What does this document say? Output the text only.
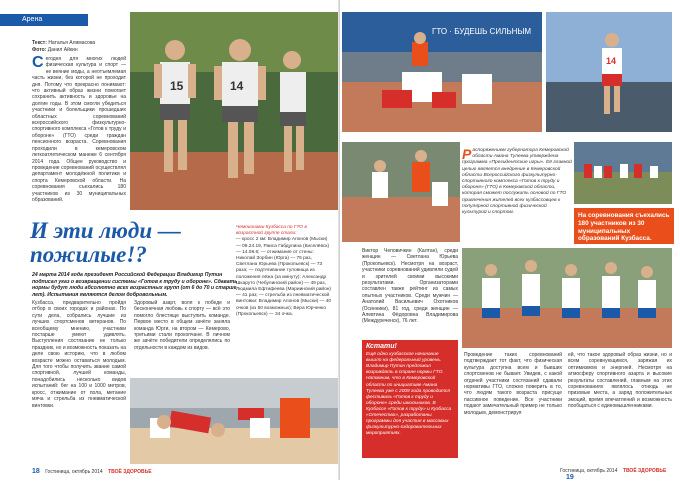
Арена
Текст: Наталья Алимасова
Фото: Данил Айкин
С егодня для многих людей физическая культура и спорт — не веяние моды, а неотъемлемая часть жизни, без которой не проходит дня. Потому что прекрасно понимают: что активный образ жизни помогает сохранить активность и здоровье на долгие годы. В этом смогли убедиться участники и болельщики прошедших областных соревнований всероссийского физкультурно-спортивного комплекса «Готов к труду и обороне» (ГТО) среди граждан пенсионного возраста. Соревнования проходили в кемеровском легкоатлетическом манеже 6 сентября 2014 года. Общее руководство и проведение соревнований осуществлял департамент молодёжной политики и спорта Кемеровской области. На соревнования съехались 180 участников из 30 муниципальных образований.
15	14
И эти люди — пожилые!?
24 марта 2014 года президент Российской Федерации Владимир Путин подписал указ о возвращении системы «Готов к труду и обороне». Сдавать нормы будут люди абсолютно всех возрастных групп (от 6 до 70 и старше лет). Испытания являются делом добровольным.
Кузбасса, предварительно пройдя отбор в своих городах и районах. По сути дела, собрались лучшие из лучших спортсменов ветеранов. По всеобщему мнению, участники постарше умеют удивлять. Выступления состязание не только праздник, но и возможность показать на деле свою историю, что в любом возрасте можно оставаться молодым. Для того чтобы получить звание самой спортивной, лучшей команды, понадобились несколько видов испытаний: бег на 100 и 1000 метров, кросс, отжимание от пола, метание мяча и стрельба из пневматической винтовки.
Здоровый азарт, воля к победе и бесконечная любовь к спорту — всё это помогло блестяще выступить команде. Первое место в общем зачёте заняла команда Юрги, на втором — Кемерово, третьими стали прокопчане. В личном же зачёте победители определялись по отдельности в каждом из видов.
Чемпионами Кузбасса по ГТО в возрастной группе стали:
— кросс 2 км: Владимир Апонов (Мыски) — 09.24.19, Раиса Габдулина (Киселёвск) — 14.08.6; — отжимание от стены: Николай Зорбин (Юрга) — 75 раз, Светлана Юрьева (Прокопьевск) — 73 раза; — подтягивание туловища из положения лёжа (за минуту): Александр Шкаруто (Чебулинский район) — 49 раз, Людмила Ефтифеева (Мариинский район) — 41 раз; — стрельба из пневматической винтовки: Владимир Апонов (Мыски) — 40 очков (из 50 возможных); Вера Юрченко (Прокопьевск) — 34 очка.
18 Гостиница, октябрь 2014 ТВОЁ ЗДОРОВЬЕ
ГТО · БУДЕШЬ СИЛЬНЫМ
14
Р аспоряжением губернатора Кемеровской области Амана Тулеева утверждена программа «Президентские игры». Её главной целью является внедрение в Кемеровской области Всероссийского физкультурно-спортивного комплекса «Готов к труду и обороне» (ГТО) в Кемеровской области, которая сможет послужить основой по ГТО привлечения жителей всех кузбассовцев к популярной спортивной физической культурой и спортом.	На соревнования съехались 180 участников из 30 муниципальных образований Кузбасса.
Виктор Чеповичкин (Калтан), среди женщин — Светлана Юрьева (Прокопьевск). Несмотря на возраст, участники соревнований удивляли судей и зрителей своими высокими результатами. Организаторами составлен также рейтинг из самых опытных участников. Среди мужчин — Анатолий Васильевич Охотников (Осинники), 81 год, среди женщин — Алевтина Фёдоровна Владимирова (Междуреченск), 76 лет.
Кстати!
Ещё одно кузбасское начинание вышло на федеральный уровень. Владимир Путин предложил возрождать в стране нормы ГТО. Напомним, что в Кемеровской области по инициативе Амана Тулеева уже с 2009 года проводится фестиваль «Готов к труду и обороне» среди школьников. В Кузбассе «Готов к труду» и Кузбасса «Отечество», разработаны программы для участия в массовых физкультурно-оздоровительных мероприятиях.
Проведение таких соревнований подтверждает тот факт, что физическая культура доступна всем и бывших спортсменов не бывает. Увидев, с какой отдачей участники состязаний сдавали нормативы ГТО, сложно поверить в то, что людям такого возраста присуще пассивное поведение. Все участники подают замечательный пример не только молодым, демонстрируя
ей, что такое здоровый образ жизни, но и всем соревнующимся, заряжая их оптимизмом и энергией. Несмотря на атмосферу спортивного азарта и высокие результаты составлений, главным на этих соревнованиях являлось отнюдь не призовые места, а заряд положительных эмоций, время впечатлений и возможность пообщаться с единомышленниками.
Гостиница, октябрь 2014 ТВОЁ ЗДОРОВЬЕ 19
